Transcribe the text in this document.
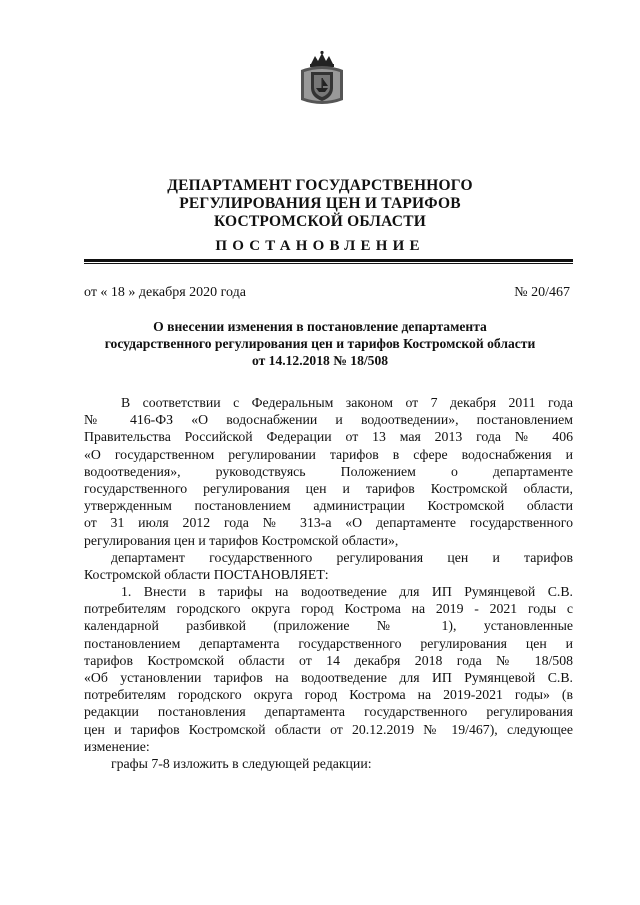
ДЕПАРТАМЕНТ ГОСУДАРСТВЕННОГО
РЕГУЛИРОВАНИЯ ЦЕН И ТАРИФОВ
КОСТРОМСКОЙ ОБЛАСТИ
ПОСТАНОВЛЕНИЕ
от « 18 » декабря 2020 года	№ 20/467
О внесении изменения в постановление департамента
государственного регулирования цен и тарифов Костромской области
от 14.12.2018 № 18/508
В соответствии с Федеральным законом от 7 декабря 2011 года
№ 416-ФЗ «О водоснабжении и водоотведении», постановлением
Правительства Российской Федерации от 13 мая 2013 года № 406
«О государственном регулировании тарифов в сфере водоснабжения и
водоотведения», руководствуясь Положением о департаменте
государственного регулирования цен и тарифов Костромской области,
утвержденным постановлением администрации Костромской области
от 31 июля 2012 года № 313-а «О департаменте государственного
регулирования цен и тарифов Костромской области»,
департамент государственного регулирования цен и тарифов
Костромской области ПОСТАНОВЛЯЕТ:
1. Внести в тарифы на водоотведение для ИП Румянцевой С.В.
потребителям городского округа город Кострома на 2019 - 2021 годы с
календарной разбивкой (приложение № 1), установленные
постановлением департамента государственного регулирования цен и
тарифов Костромской области от 14 декабря 2018 года № 18/508
«Об установлении тарифов на водоотведение для ИП Румянцевой С.В.
потребителям городского округа город Кострома на 2019-2021 годы» (в
редакции постановления департамента государственного регулирования
цен и тарифов Костромской области от 20.12.2019 № 19/467), следующее
изменение:
графы 7-8 изложить в следующей редакции:
